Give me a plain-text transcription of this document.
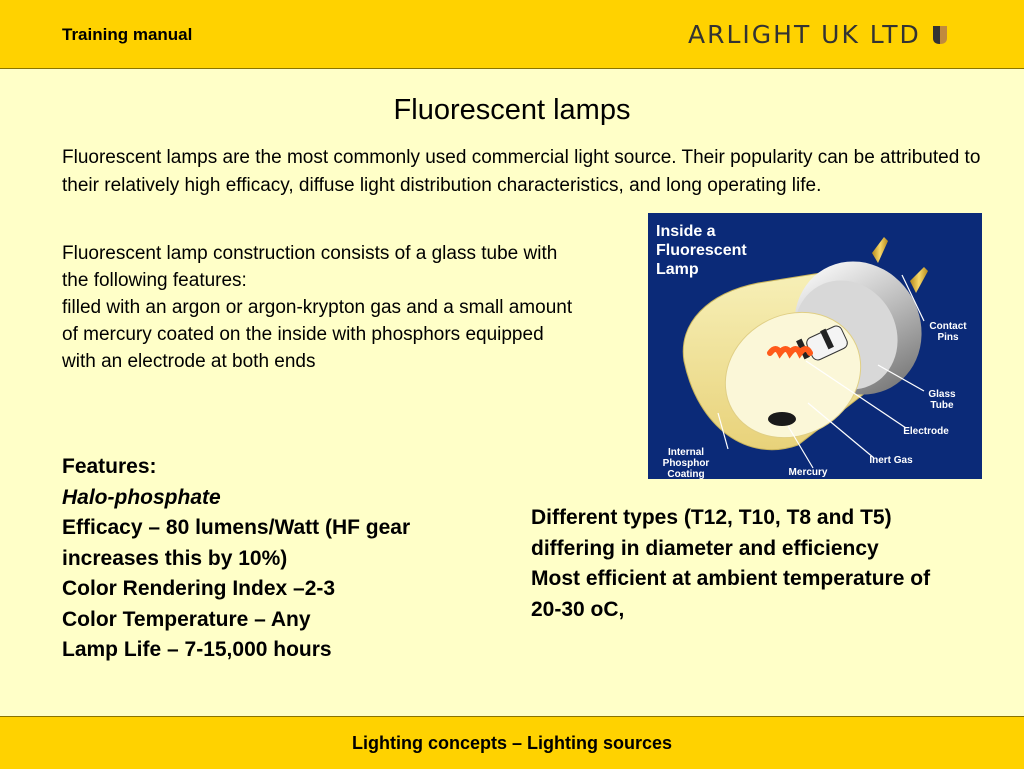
Training manual	ARLIGHT UK LTD
Fluorescent lamps
Fluorescent lamps are the most commonly used commercial light source. Their popularity can be attributed to their relatively high efficacy, diffuse light distribution characteristics, and long operating life.

Fluorescent lamp construction consists of a glass tube with the following features:

filled with an argon or argon-krypton gas and a small amount of mercury coated on the inside with phosphors equipped with an electrode at both ends

Inside a
Fluorescent
Lamp
Contact
Pins
Glass
Tube
Electrode
Inert Gas
Mercury
Internal
Phosphor
Coating
Features:
Halo-phosphate
Efficacy – 80 lumens/Watt (HF gear increases this by 10%)
Color Rendering Index –2-3
Color Temperature – Any
Lamp Life – 7-15,000 hours
Different types (T12, T10, T8 and T5) differing in diameter and efficiency
Most efficient at ambient temperature of 20-30 oC,
Lighting concepts – Lighting sources
